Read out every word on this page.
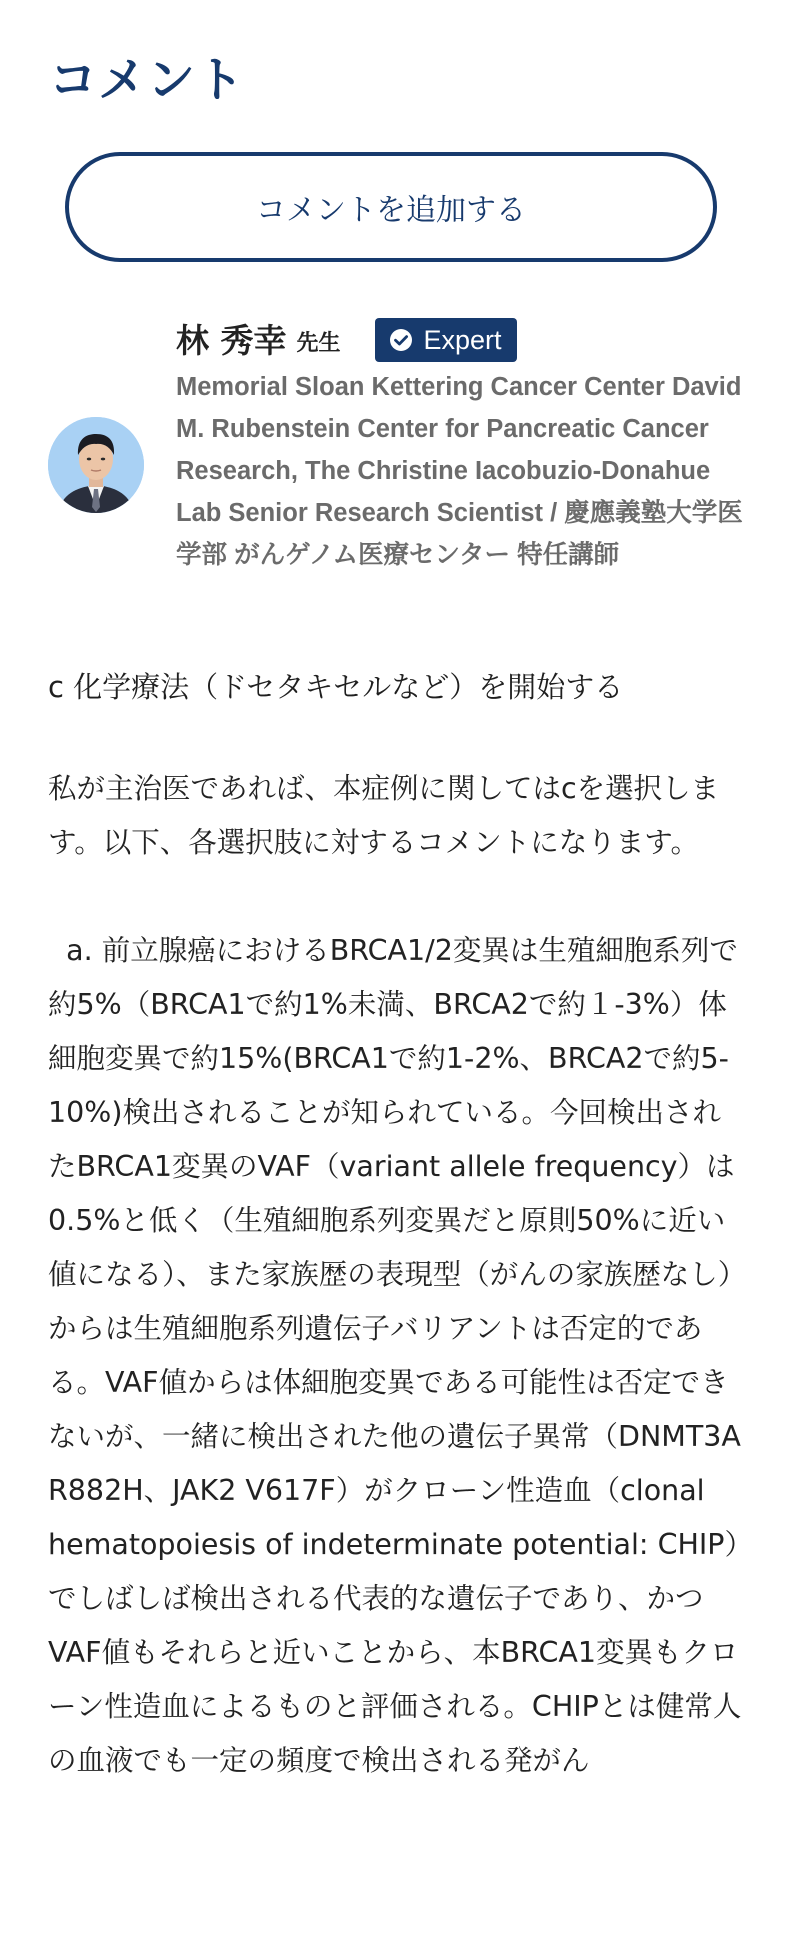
コメント
コメントを追加する
林 秀幸 先生	Expert
Memorial Sloan Kettering Cancer Center David M. Rubenstein Center for Pancreatic Cancer Research, The Christine Iacobuzio-Donahue Lab Senior Research Scientist / 慶應義塾大学医学部 がんゲノム医療センター 特任講師

c 化学療法（ドセタキセルなど）を開始する

私が主治医であれば、本症例に関してはcを選択します。以下、各選択肢に対するコメントになります。

a. 前立腺癌におけるBRCA1/2変異は生殖細胞系列で約5%（BRCA1で約1%未満、BRCA2で約１-3%）体細胞変異で約15%(BRCA1で約1-2%、BRCA2で約5-10%)検出されることが知られている。今回検出されたBRCA1変異のVAF（variant allele frequency）は0.5%と低く（生殖細胞系列変異だと原則50%に近い値になる）、また家族歴の表現型（がんの家族歴なし）からは生殖細胞系列遺伝子バリアントは否定的である。VAF値からは体細胞変異である可能性は否定できないが、一緒に検出された他の遺伝子異常（DNMT3A R882H、JAK2 V617F）がクローン性造血（clonal hematopoiesis of indeterminate potential: CHIP）でしばしば検出される代表的な遺伝子であり、かつVAF値もそれらと近いことから、本BRCA1変異もクローン性造血によるものと評価される。CHIPとは健常人の血液でも一定の頻度で検出される発がん
